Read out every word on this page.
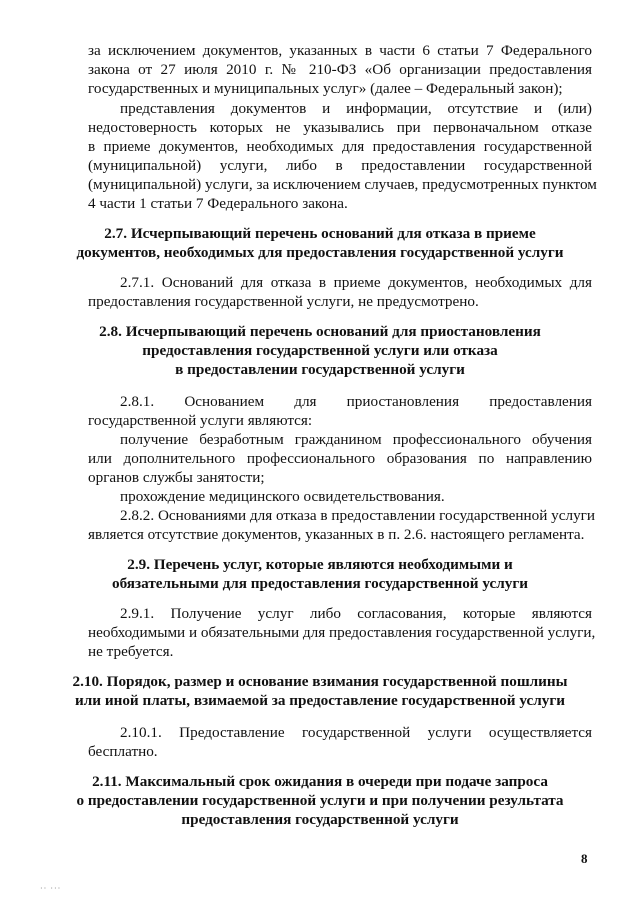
за исключением документов, указанных в части 6 статьи 7 Федерального
закона от 27 июля 2010 г. № 210-ФЗ «Об организации предоставления
государственных и муниципальных услуг» (далее – Федеральный закон);
представления документов и информации, отсутствие и (или)
недостоверность которых не указывались при первоначальном отказе
в приеме документов, необходимых для предоставления государственной
(муниципальной) услуги, либо в предоставлении государственной
(муниципальной) услуги, за исключением случаев, предусмотренных пунктом
4 части 1 статьи 7 Федерального закона.
2.7. Исчерпывающий перечень оснований для отказа в приеме
документов, необходимых для предоставления государственной услуги
2.7.1. Оснований для отказа в приеме документов, необходимых для
предоставления государственной услуги, не предусмотрено.
2.8. Исчерпывающий перечень оснований для приостановления
предоставления государственной услуги или отказа
в предоставлении государственной услуги
2.8.1. Основанием для приостановления предоставления
государственной услуги являются:
получение безработным гражданином профессионального обучения
или дополнительного профессионального образования по направлению
органов службы занятости;
прохождение медицинского освидетельствования.
2.8.2. Основаниями для отказа в предоставлении государственной услуги
является отсутствие документов, указанных в п. 2.6. настоящего регламента.
2.9. Перечень услуг, которые являются необходимыми и
обязательными для предоставления государственной услуги
2.9.1. Получение услуг либо согласования, которые являются
необходимыми и обязательными для предоставления государственной услуги,
не требуется.
2.10. Порядок, размер и основание взимания государственной пошлины
или иной платы, взимаемой за предоставление государственной услуги
2.10.1. Предоставление государственной услуги осуществляется
бесплатно.
2.11. Максимальный срок ожидания в очереди при подаче запроса
о предоставлении государственной услуги и при получении результата
предоставления государственной услуги
8
·· ···
